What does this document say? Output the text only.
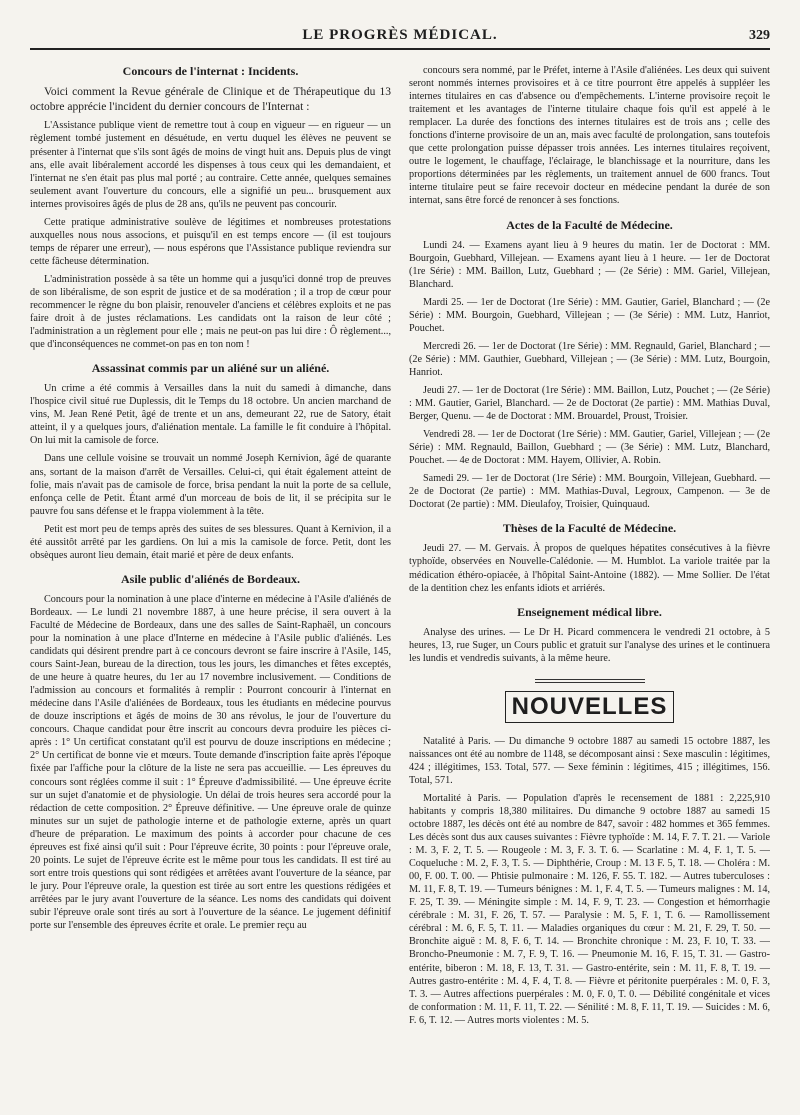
LE PROGRÈS MÉDICAL.	329
Concours de l'internat : Incidents.

Voici comment la Revue générale de Clinique et de Thérapeutique du 13 octobre apprécie l'incident du dernier concours de l'Internat :

L'Assistance publique vient de remettre tout à coup en vigueur — en rigueur — un règlement tombé justement en désuétude, en vertu duquel les élèves ne peuvent se présenter à l'internat que s'ils sont âgés de moins de vingt huit ans. Depuis plus de vingt ans, elle avait libéralement accordé les dispenses à tous ceux qui les demandaient, et l'internat ne s'en était pas plus mal porté ; au contraire. Cette année, quelques semaines seulement avant l'ouverture du concours, elle a signifié un peu... brusquement aux internes provisoires âgés de plus de 28 ans, qu'ils ne peuvent pas concourir.

Cette pratique administrative soulève de légitimes et nombreuses protestations auxquelles nous nous associons, et puisqu'il en est temps encore — (il est toujours temps de réparer une erreur), — nous espérons que l'Assistance publique reviendra sur cette fâcheuse détermination.

L'administration possède à sa tête un homme qui a jusqu'ici donné trop de preuves de son libéralisme, de son esprit de justice et de sa modération ; il a trop de cœur pour recommencer le règne du bon plaisir, renouveler d'anciens et célèbres exploits et ne pas faire droit à de justes réclamations. Les candidats ont la raison de leur côté ; l'administration a un règlement pour elle ; mais ne peut-on pas lui dire : Ô règlement..., que d'inconséquences ne commet-on pas en ton nom !

Assassinat commis par un aliéné sur un aliéné.

Un crime a été commis à Versailles dans la nuit du samedi à dimanche, dans l'hospice civil situé rue Duplessis, dit le Temps du 18 octobre. Un ancien marchand de vins, M. Jean René Petit, âgé de trente et un ans, demeurant 22, rue de Satory, était atteint, il y a quelques jours, d'aliénation mentale. La famille le fit conduire à l'hôpital. On lui mit la camisole de force.

Dans une cellule voisine se trouvait un nommé Joseph Kernivion, âgé de quarante ans, sortant de la maison d'arrêt de Versailles. Celui-ci, qui était également atteint de folie, mais n'avait pas de camisole de force, brisa pendant la nuit la porte de sa cellule, enfonça celle de Petit. Étant armé d'un morceau de bois de lit, il se précipita sur le pauvre fou sans défense et le frappa violemment à la tête.

Petit est mort peu de temps après des suites de ses blessures. Quant à Kernivion, il a été aussitôt arrêté par les gardiens. On lui a mis la camisole de force. Petit, dont les obsèques auront lieu demain, était marié et père de deux enfants.

Asile public d'aliénés de Bordeaux.

Concours pour la nomination à une place d'interne en médecine à l'Asile d'aliénés de Bordeaux. — Le lundi 21 novembre 1887, à une heure précise, il sera ouvert à la Faculté de Médecine de Bordeaux, dans une des salles de Saint-Raphaël, un concours pour la nomination à une place d'Interne en médecine à l'Asile public d'aliénés. Les candidats qui désirent prendre part à ce concours devront se faire inscrire à l'Asile, 145, cours Saint-Jean, bureau de la direction, tous les jours, les dimanches et fêtes exceptés, de une heure à quatre heures, du 1er au 17 novembre inclusivement. — Conditions de l'admission au concours et formalités à remplir : Pourront concourir à l'internat en médecine dans l'Asile d'aliénées de Bordeaux, tous les étudiants en médecine pourvus de douze inscriptions et âgés de moins de 30 ans révolus, le jour de l'ouverture du concours. Chaque candidat pour être inscrit au concours devra produire les pièces ci-après : 1° Un certificat constatant qu'il est pourvu de douze inscriptions en médecine ; 2° Un certificat de bonne vie et mœurs. Toute demande d'inscription faite après l'époque fixée par l'affiche pour la clôture de la liste ne sera pas accueillie. — Les épreuves du concours sont réglées comme il suit : 1° Épreuve d'admissibilité. — Une épreuve écrite sur un sujet d'anatomie et de physiologie. Un délai de trois heures sera accordé pour la rédaction de cette composition. 2° Épreuve définitive. — Une épreuve orale de quinze minutes sur un sujet de pathologie interne et de pathologie externe, après un quart d'heure de préparation. Le maximum des points à accorder pour chacune de ces épreuves est fixé ainsi qu'il suit : Pour l'épreuve écrite, 30 points : pour l'épreuve orale, 20 points. Le sujet de l'épreuve écrite est le même pour tous les candidats. Il est tiré au sort entre trois questions qui sont rédigées et arrêtées avant l'ouverture de la séance, par le jury. Pour l'épreuve orale, la question est tirée au sort entre les questions rédigées et arrêtées par le jury avant l'ouverture de la séance. Les noms des candidats qui doivent subir l'épreuve orale sont tirés au sort à l'ouverture de la séance. Le jugement définitif porte sur l'ensemble des épreuves écrite et orale. Le premier reçu au

concours sera nommé, par le Préfet, interne à l'Asile d'aliénées. Les deux qui suivent seront nommés internes provisoires et à ce titre pourront être appelés à suppléer les internes titulaires en cas d'absence ou d'empêchements. L'interne provisoire reçoit le traitement et les avantages de l'interne titulaire chaque fois qu'il est appelé à le remplacer. La durée des fonctions des internes titulaires est de trois ans ; celle des fonctions d'interne provisoire de un an, mais avec faculté de prolongation, sans toutefois que cette prolongation puisse dépasser trois années. Les internes titulaires reçoivent, outre le logement, le chauffage, l'éclairage, le blanchissage et la nourriture, dans les proportions déterminées par les règlements, un traitement annuel de 600 francs. Tout interne titulaire peut se faire recevoir docteur en médecine pendant la durée de son internat, sans être forcé de renoncer à ses fonctions.

Actes de la Faculté de Médecine.

Lundi 24. — Examens ayant lieu à 9 heures du matin. 1er de Doctorat : MM. Bourgoin, Guebhard, Villejean. — Examens ayant lieu à 1 heure. — 1er de Doctorat (1re Série) : MM. Baillon, Lutz, Guebhard ; — (2e Série) : MM. Gariel, Villejean, Blanchard.

Mardi 25. — 1er de Doctorat (1re Série) : MM. Gautier, Gariel, Blanchard ; — (2e Série) : MM. Bourgoin, Guebhard, Villejean ; — (3e Série) : MM. Lutz, Hanriot, Pouchet.

Mercredi 26. — 1er de Doctorat (1re Série) : MM. Regnauld, Gariel, Blanchard ; — (2e Série) : MM. Gauthier, Guebhard, Villejean ; — (3e Série) : MM. Lutz, Bourgoin, Hanriot.

Jeudi 27. — 1er de Doctorat (1re Série) : MM. Baillon, Lutz, Pouchet ; — (2e Série) : MM. Gautier, Gariel, Blanchard. — 2e de Doctorat (2e partie) : MM. Mathias Duval, Berger, Quenu. — 4e de Doctorat : MM. Brouardel, Proust, Troisier.

Vendredi 28. — 1er de Doctorat (1re Série) : MM. Gautier, Gariel, Villejean ; — (2e Série) : MM. Regnauld, Baillon, Guebhard ; — (3e Série) : MM. Lutz, Blanchard, Pouchet. — 4e de Doctorat : MM. Hayem, Ollivier, A. Robin.

Samedi 29. — 1er de Doctorat (1re Série) : MM. Bourgoin, Villejean, Guebhard. — 2e de Doctorat (2e partie) : MM. Mathias-Duval, Legroux, Campenon. — 3e de Doctorat (2e partie) : MM. Dieulafoy, Troisier, Quinquaud.

Thèses de la Faculté de Médecine.

Jeudi 27. — M. Gervais. À propos de quelques hépatites consécutives à la fièvre typhoïde, observées en Nouvelle-Calédonie. — M. Humblot. La variole traitée par la médication éthéro-opiacée, à l'hôpital Saint-Antoine (1882). — Mme Sollier. De l'état de la dentition chez les enfants idiots et arriérés.

Enseignement médical libre.

Analyse des urines. — Le Dr H. Picard commencera le vendredi 21 octobre, à 5 heures, 13, rue Suger, un Cours public et gratuit sur l'analyse des urines et le continuera les lundis et vendredis suivants, à la même heure.

NOUVELLES

Natalité à Paris. — Du dimanche 9 octobre 1887 au samedi 15 octobre 1887, les naissances ont été au nombre de 1148, se décomposant ainsi : Sexe masculin : légitimes, 424 ; illégitimes, 153. Total, 577. — Sexe féminin : légitimes, 415 ; illégitimes, 156. Total, 571.

Mortalité à Paris. — Population d'après le recensement de 1881 : 2,225,910 habitants y compris 18,380 militaires. Du dimanche 9 octobre 1887 au samedi 15 octobre 1887, les décès ont été au nombre de 847, savoir : 482 hommes et 365 femmes. Les décès sont dus aux causes suivantes : Fièvre typhoïde : M. 14, F. 7. T. 21. — Variole : M. 3, F. 2, T. 5. — Rougeole : M. 3, F. 3. T. 6. — Scarlatine : M. 4, F. 1, T. 5. — Coqueluche : M. 2, F. 3, T. 5. — Diphthérie, Croup : M. 13 F. 5, T. 18. — Choléra : M. 00, F. 00. T. 00. — Phtisie pulmonaire : M. 126, F. 55. T. 182. — Autres tuberculoses : M. 11, F. 8, T. 19. — Tumeurs bénignes : M. 1, F. 4, T. 5. — Tumeurs malignes : M. 14, F. 25, T. 39. — Méningite simple : M. 14, F. 9, T. 23. — Congestion et hémorrhagie cérébrale : M. 31, F. 26, T. 57. — Paralysie : M. 5, F. 1, T. 6. — Ramollissement cérébral : M. 6, F. 5, T. 11. — Maladies organiques du cœur : M. 21, F. 29, T. 50. — Bronchite aiguë : M. 8, F. 6, T. 14. — Bronchite chronique : M. 23, F. 10, T. 33. — Broncho-Pneumonie : M. 7, F. 9, T. 16. — Pneumonie M. 16, F. 15, T. 31. — Gastro-entérite, biberon : M. 18, F. 13, T. 31. — Gastro-entérite, sein : M. 11, F. 8, T. 19. — Autres gastro-entérite : M. 4, F. 4, T. 8. — Fièvre et péritonite puerpérales : M. 0, F. 3, T. 3. — Autres affections puerpérales : M. 0, F. 0, T. 0. — Débilité congénitale et vices de conformation : M. 11, F. 11, T. 22. — Sénilité : M. 8, F. 11, T. 19. — Suicides : M. 6, F. 6, T. 12. — Autres morts violentes : M. 5.
